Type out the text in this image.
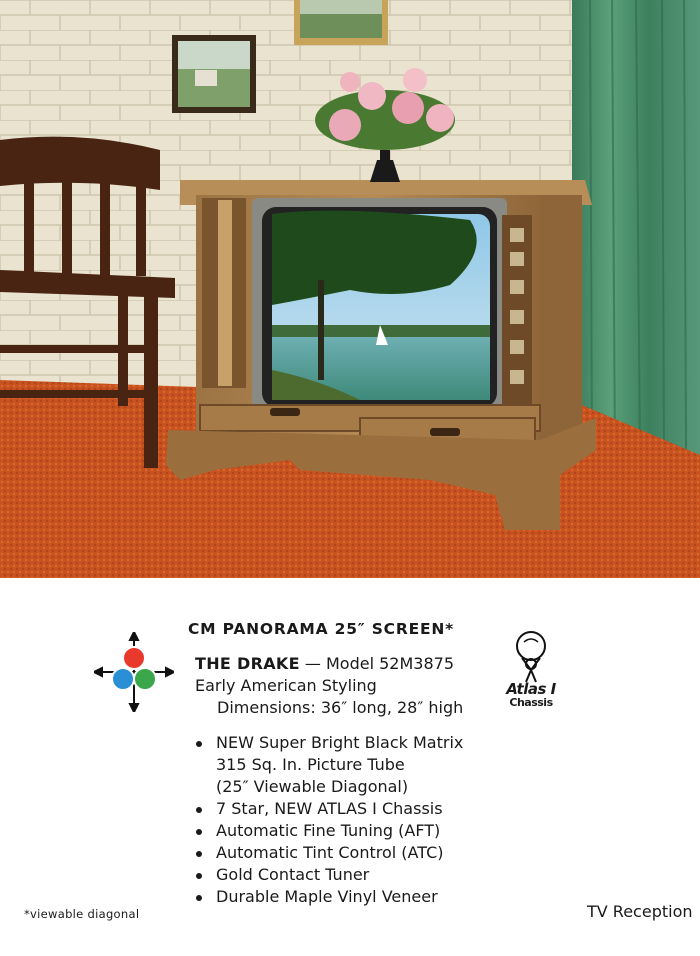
CM PANORAMA 25″ SCREEN*
THE DRAKE — Model 52M3875
Early American Styling
Dimensions: 36″ long, 28″ high
Atlas I
Chassis
NEW Super Bright Black Matrix
315 Sq. In. Picture Tube
(25″ Viewable Diagonal)
7 Star, NEW ATLAS I Chassis
Automatic Fine Tuning (AFT)
Automatic Tint Control (ATC)
Gold Contact Tuner
Durable Maple Vinyl Veneer
*viewable diagonal	TV Reception
